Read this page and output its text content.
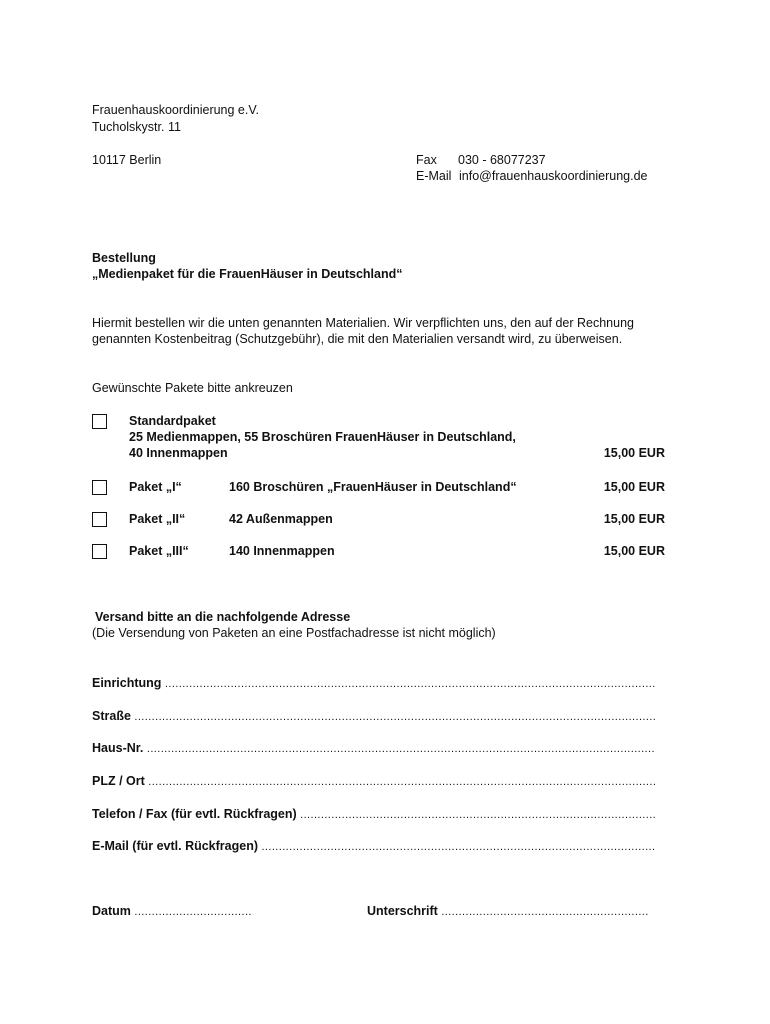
Frauenhauskoordinierung e.V.
Tucholskystr. 11
10117 Berlin	Fax 030 - 68077237
E-Mail info@frauenhauskoordinierung.de
Bestellung
„Medienpaket für die FrauenHäuser in Deutschland“
Hiermit bestellen wir die unten genannten Materialien. Wir verpflichten uns, den auf der Rechnung
genannten Kostenbeitrag (Schutzgebühr), die mit den Materialien versandt wird, zu überweisen.
Gewünschte Pakete bitte ankreuzen
Standardpaket
25 Medienmappen, 55 Broschüren FrauenHäuser in Deutschland,
40 Innenmappen	15,00 EUR
Paket „I“	160 Broschüren „FrauenHäuser in Deutschland“	15,00 EUR
Paket „II“	42 Außenmappen	15,00 EUR
Paket „III“	140 Innenmappen	15,00 EUR
Versand bitte an die nachfolgende Adresse
(Die Versendung von Paketen an eine Postfachadresse ist nicht möglich)
Einrichtung
.....
Straße
.....
Haus-Nr.
.....
PLZ / Ort
.....
Telefon / Fax (für evtl. Rückfragen)
.....
E-Mail (für evtl. Rückfragen)
.....
Datum
.....	Unterschrift
.....
